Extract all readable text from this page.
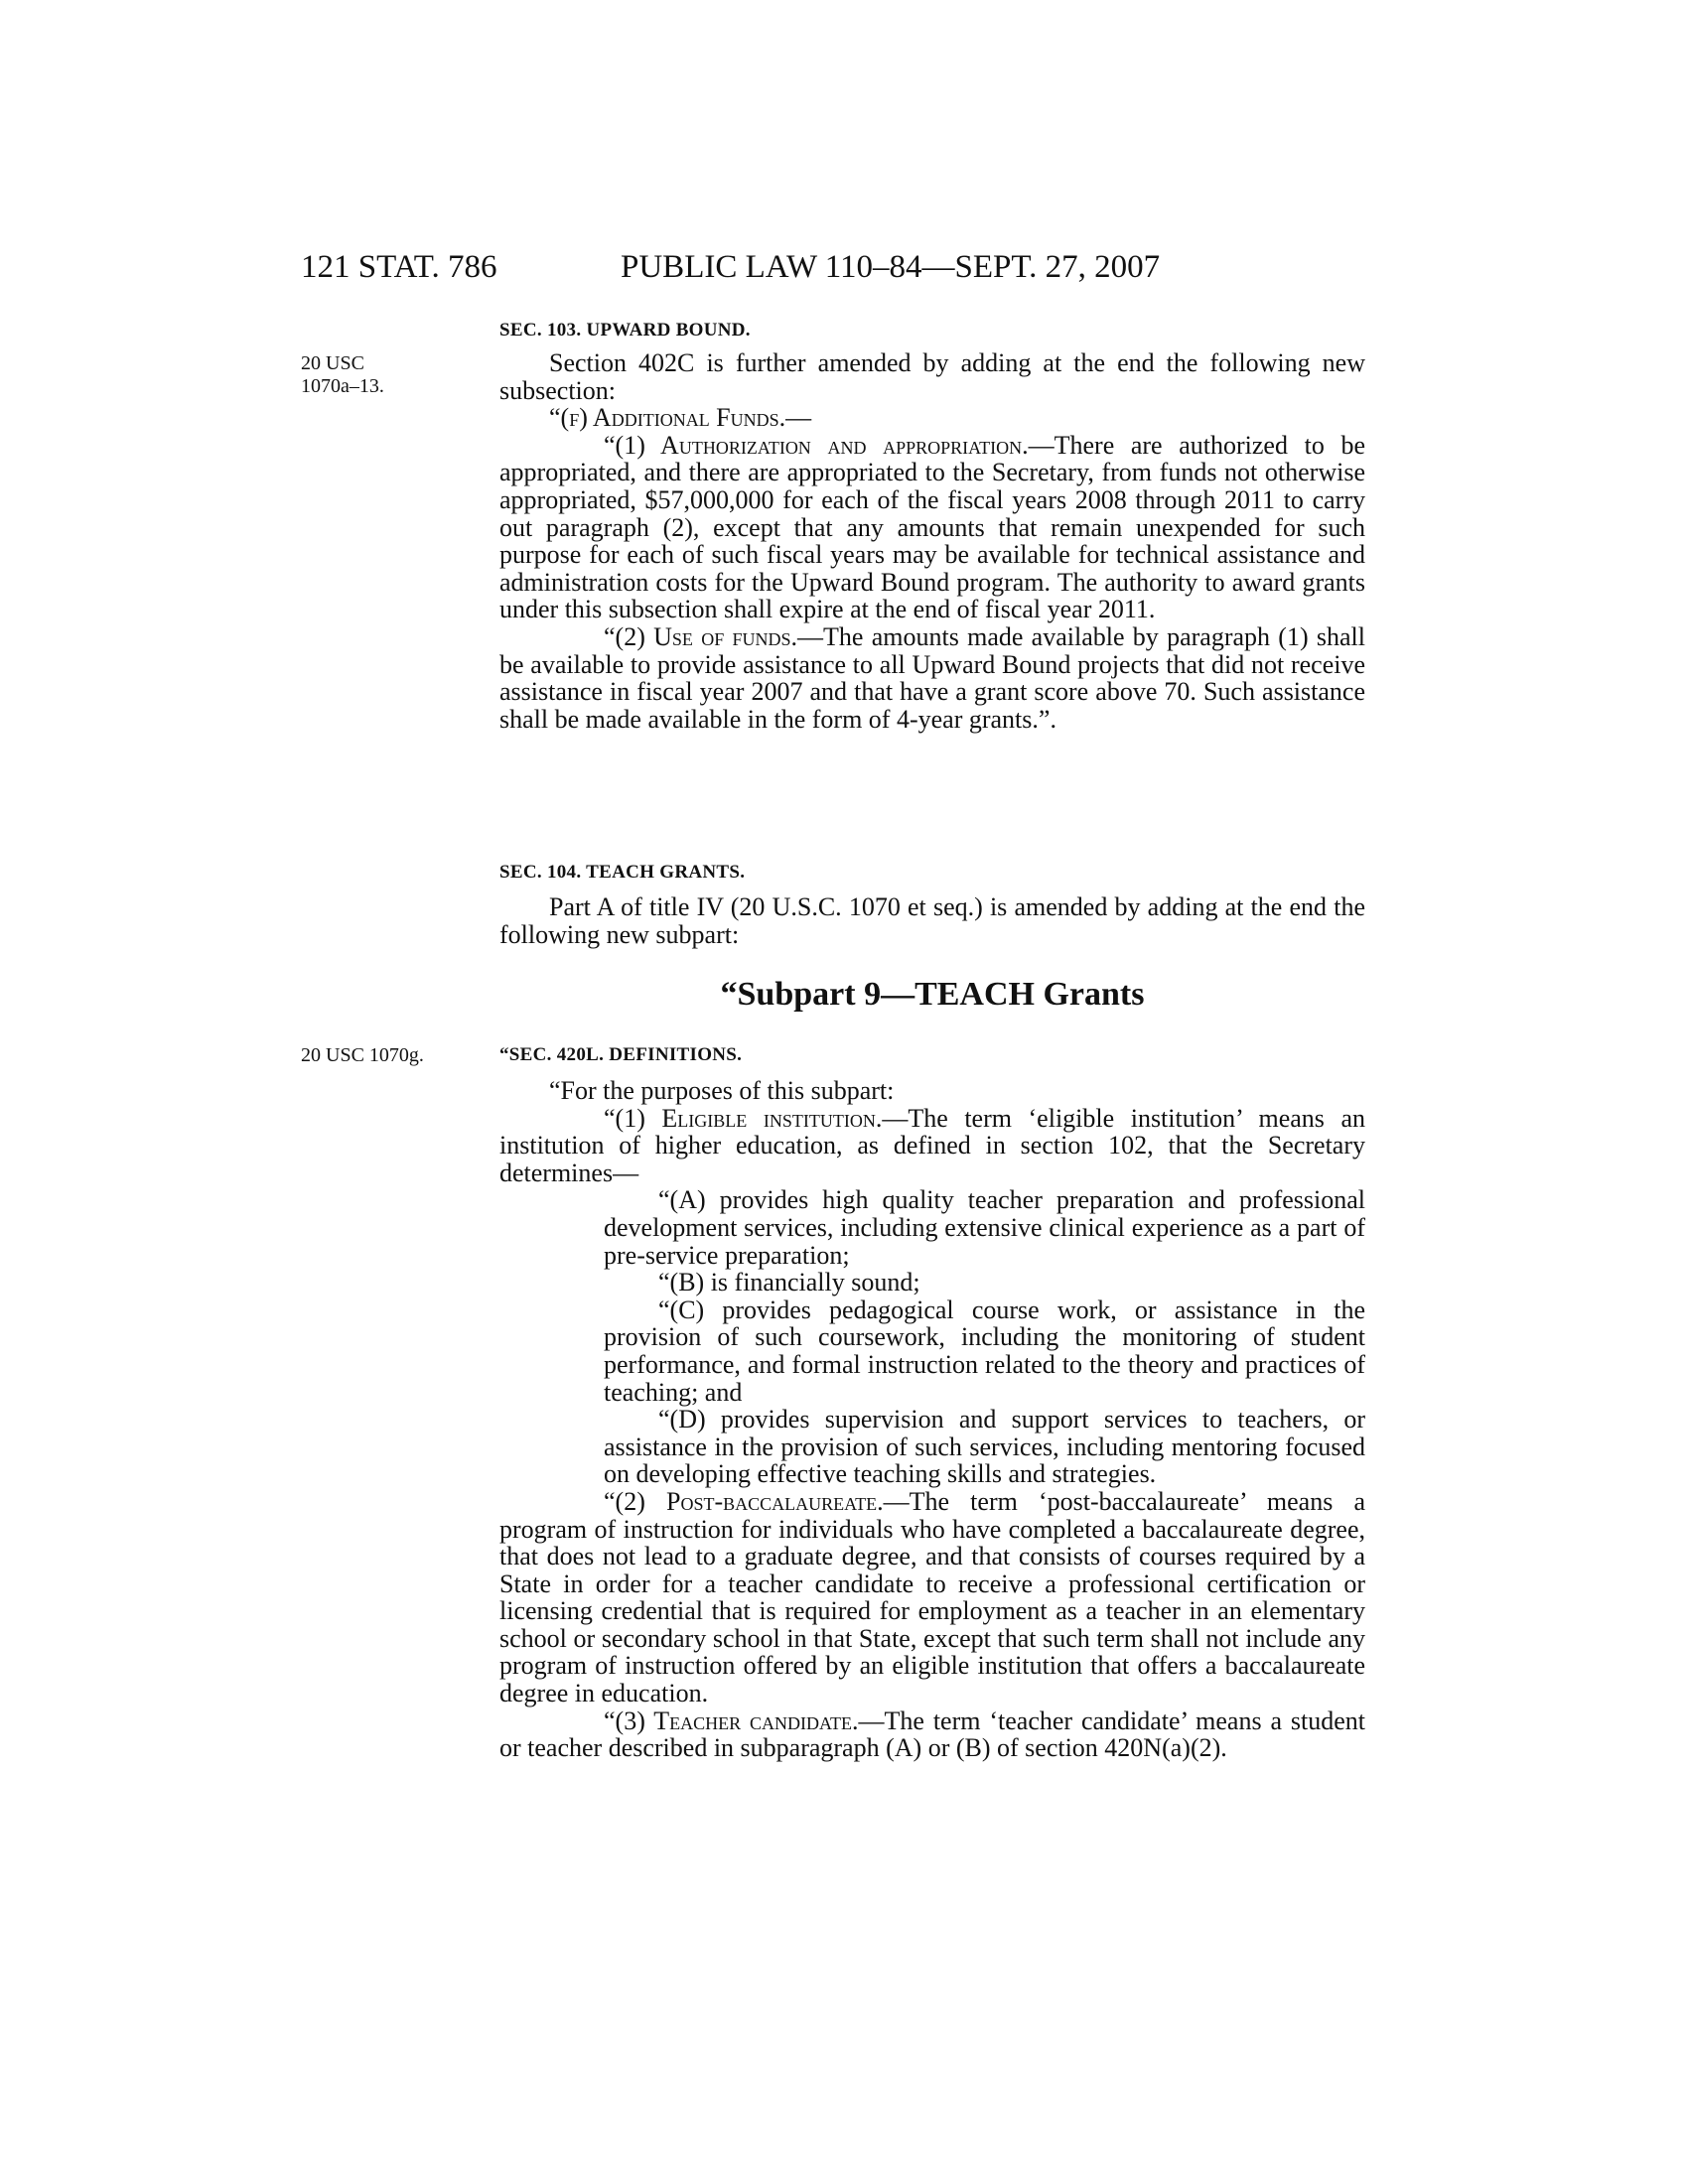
121 STAT. 786	PUBLIC LAW 110–84—SEPT. 27, 2007
SEC. 103. UPWARD BOUND.
20 USC
1070a–13.

Section 402C is further amended by adding at the end the following new subsection:

“(f) Additional Funds.—

“(1) Authorization and appropriation.—There are authorized to be appropriated, and there are appropriated to the Secretary, from funds not otherwise appropriated, $57,000,000 for each of the fiscal years 2008 through 2011 to carry out paragraph (2), except that any amounts that remain unexpended for such purpose for each of such fiscal years may be available for technical assistance and administration costs for the Upward Bound program. The authority to award grants under this subsection shall expire at the end of fiscal year 2011.

“(2) Use of funds.—The amounts made available by paragraph (1) shall be available to provide assistance to all Upward Bound projects that did not receive assistance in fiscal year 2007 and that have a grant score above 70. Such assistance shall be made available in the form of 4-year grants.”.

SEC. 104. TEACH GRANTS.

Part A of title IV (20 U.S.C. 1070 et seq.) is amended by adding at the end the following new subpart:

“Subpart 9—TEACH Grants
20 USC 1070g.	“SEC. 420L. DEFINITIONS.

“For the purposes of this subpart:

“(1) Eligible institution.—The term ‘eligible institution’ means an institution of higher education, as defined in section 102, that the Secretary determines—

“(A) provides high quality teacher preparation and professional development services, including extensive clinical experience as a part of pre-service preparation;

“(B) is financially sound;

“(C) provides pedagogical course work, or assistance in the provision of such coursework, including the monitoring of student performance, and formal instruction related to the theory and practices of teaching; and

“(D) provides supervision and support services to teachers, or assistance in the provision of such services, including mentoring focused on developing effective teaching skills and strategies.

“(2) Post-baccalaureate.—The term ‘post-baccalaureate’ means a program of instruction for individuals who have completed a baccalaureate degree, that does not lead to a graduate degree, and that consists of courses required by a State in order for a teacher candidate to receive a professional certification or licensing credential that is required for employment as a teacher in an elementary school or secondary school in that State, except that such term shall not include any program of instruction offered by an eligible institution that offers a baccalaureate degree in education.

“(3) Teacher candidate.—The term ‘teacher candidate’ means a student or teacher described in subparagraph (A) or (B) of section 420N(a)(2).
